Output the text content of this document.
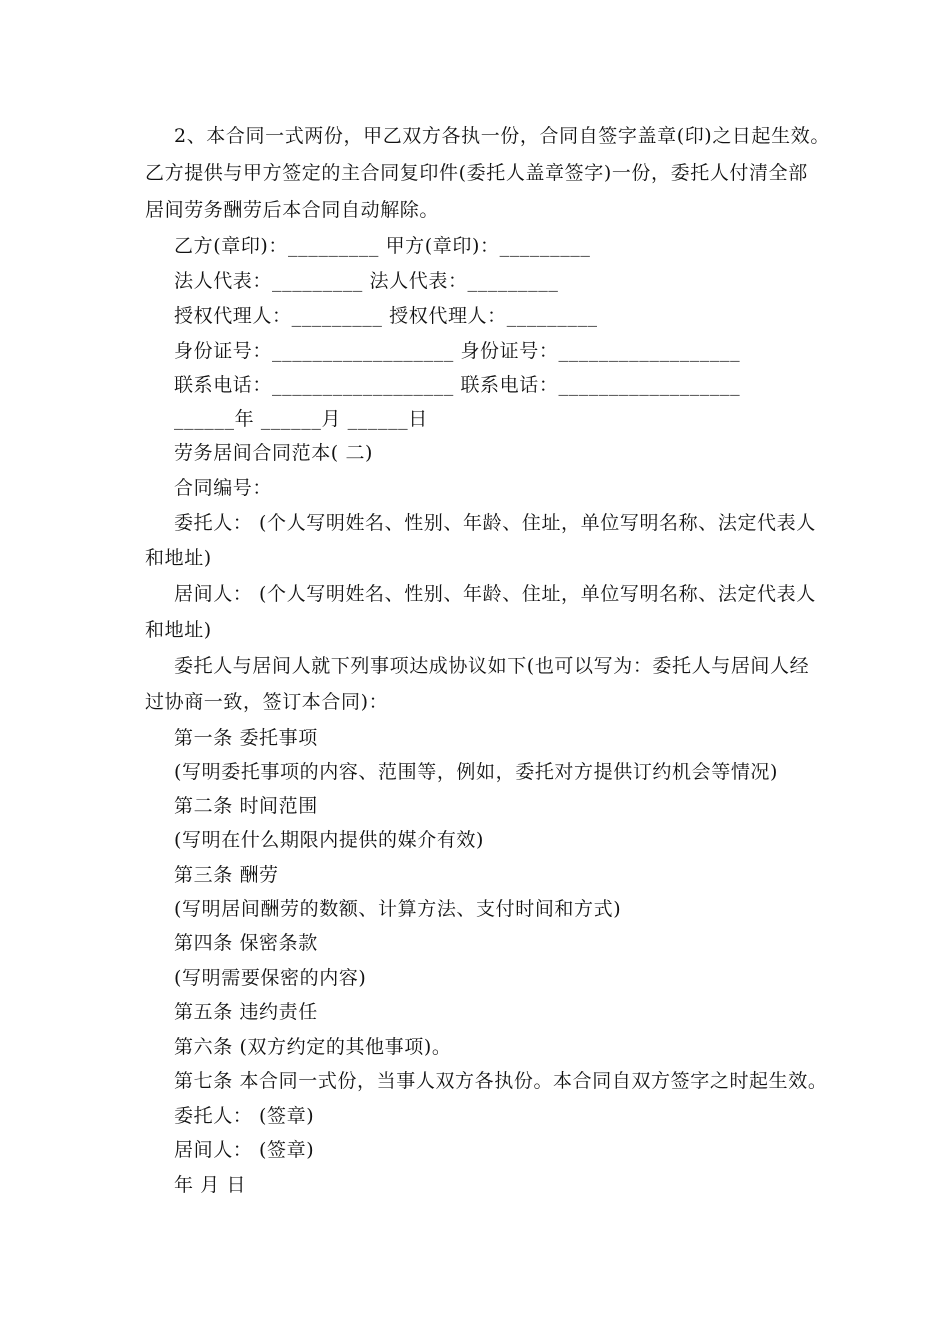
2、本合同一式两份，甲乙双方各执一份，合同自签字盖章(印)之日起生效。
乙方提供与甲方签定的主合同复印件(委托人盖章签字)一份，委托人付清全部
居间劳务酬劳后本合同自动解除。
乙方(章印)：_________ 甲方(章印)：_________
法人代表：_________ 法人代表：_________
授权代理人：_________ 授权代理人：_________
身份证号：__________________ 身份证号：__________________
联系电话：__________________ 联系电话：__________________
______年 ______月 ______日
劳务居间合同范本( 二)
合同编号：
委托人： (个人写明姓名、性别、年龄、住址，单位写明名称、法定代表人
和地址)
居间人： (个人写明姓名、性别、年龄、住址，单位写明名称、法定代表人
和地址)
委托人与居间人就下列事项达成协议如下(也可以写为：委托人与居间人经
过协商一致，签订本合同)：
第一条 委托事项
(写明委托事项的内容、范围等，例如，委托对方提供订约机会等情况)
第二条 时间范围
(写明在什么期限内提供的媒介有效)
第三条 酬劳
(写明居间酬劳的数额、计算方法、支付时间和方式)
第四条 保密条款
(写明需要保密的内容)
第五条 违约责任
第六条 (双方约定的其他事项)。
第七条 本合同一式份，当事人双方各执份。本合同自双方签字之时起生效。
委托人： (签章)
居间人： (签章)
年 月 日
